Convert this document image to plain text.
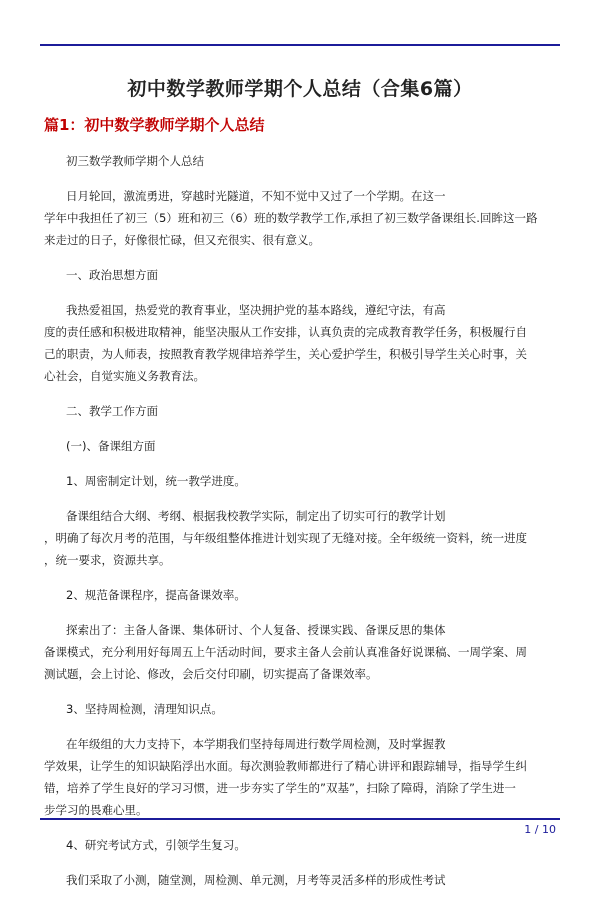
初中数学教师学期个人总结（合集6篇）
篇1：初中数学教师学期个人总结
初三数学教师学期个人总结
日月轮回，激流勇进，穿越时光隧道，不知不觉中又过了一个学期。在这一
学年中我担任了初三（5）班和初三（6）班的数学教学工作,承担了初三数学备课组长.回眸这一路
来走过的日子，好像很忙碌，但又充很实、很有意义。
一、政治思想方面
我热爱祖国，热爱党的教育事业，坚决拥护党的基本路线，遵纪守法，有高
度的责任感和积极进取精神，能坚决服从工作安排，认真负责的完成教育教学任务，积极履行自
己的职责，为人师表，按照教育教学规律培养学生，关心爱护学生，积极引导学生关心时事，关
心社会，自觉实施义务教育法。
二、教学工作方面
(一)、备课组方面
1、周密制定计划，统一教学进度。
备课组结合大纲、考纲、根据我校教学实际，制定出了切实可行的教学计划
，明确了每次月考的范围，与年级组整体推进计划实现了无缝对接。全年级统一资料，统一进度
，统一要求，资源共享。
2、规范备课程序，提高备课效率。
探索出了：主备人备课、集体研讨、个人复备、授课实践、备课反思的集体
备课模式，充分利用好每周五上午活动时间，要求主备人会前认真准备好说课稿、一周学案、周
测试题，会上讨论、修改，会后交付印刷，切实提高了备课效率。
3、坚持周检测，清理知识点。
在年级组的大力支持下，本学期我们坚持每周进行数学周检测，及时掌握教
学效果，让学生的知识缺陷浮出水面。每次测验教师都进行了精心讲评和跟踪辅导，指导学生纠
错，培养了学生良好的学习习惯，进一步夯实了学生的”双基”，扫除了障碍，消除了学生进一
步学习的畏难心里。
4、研究考试方式，引领学生复习。
我们采取了小测，随堂测，周检测、单元测，月考等灵活多样的形成性考试
1 / 10
